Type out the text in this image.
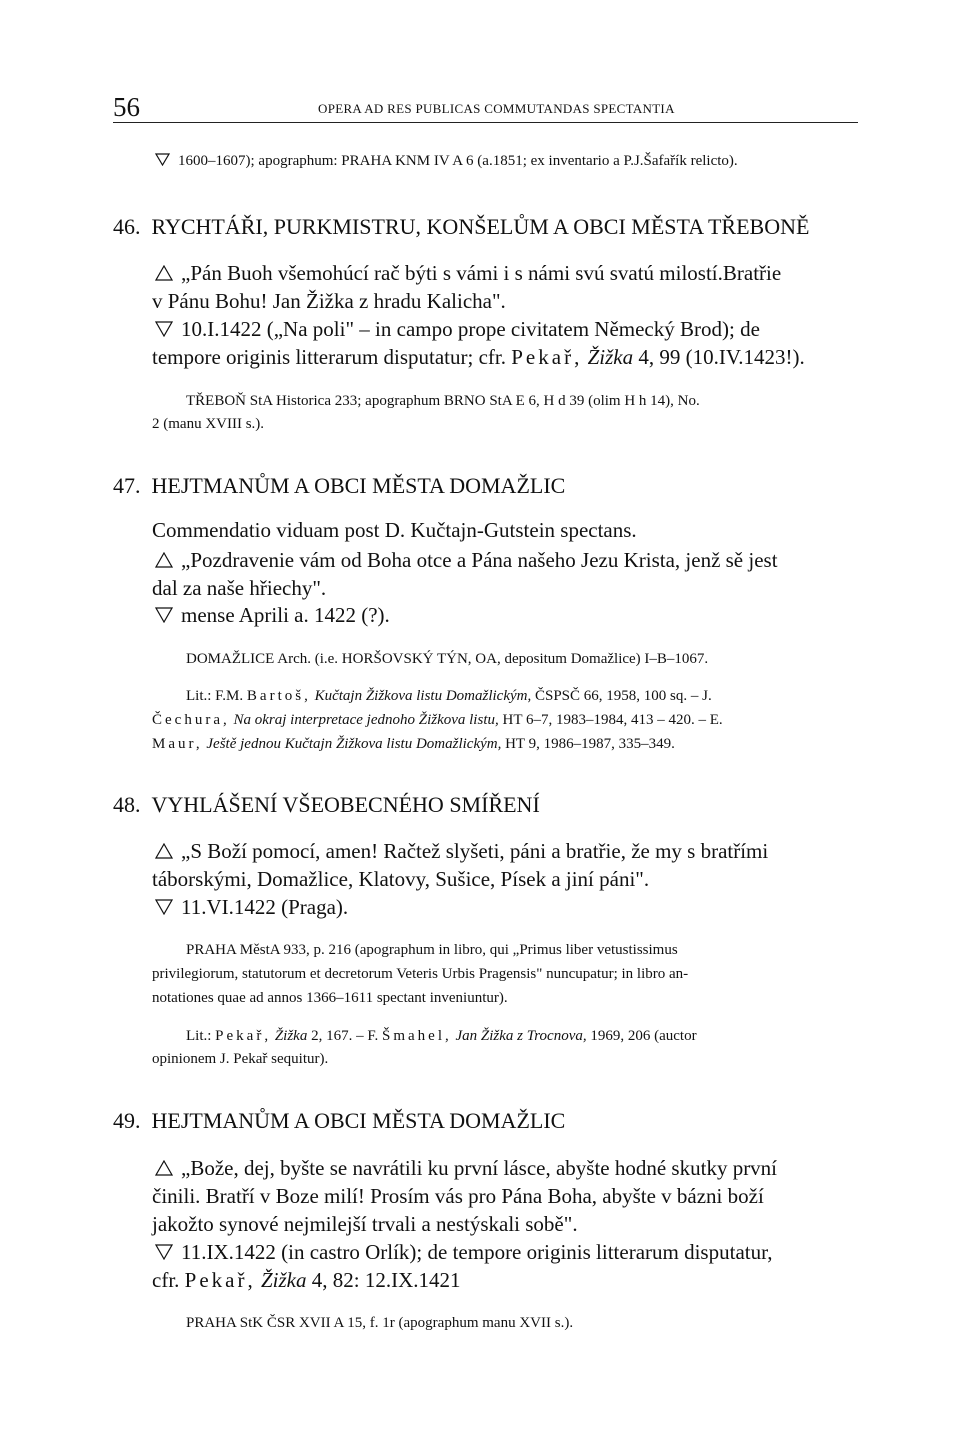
56	OPERA AD RES PUBLICAS COMMUTANDAS SPECTANTIA
1600–1607); apographum: PRAHA KNM IV A 6 (a.1851; ex inventario a P.J.Šafařík relicto).
46. RYCHTÁŘI, PURKMISTRU, KONŠELŮM A OBCI MĚSTA TŘEBONĚ
„Pán Buoh všemohúcí rač býti s vámi i s námi svú svatú milostí.Bratřie
v Pánu Bohu! Jan Žižka z hradu Kalicha".
10.I.1422 („Na poli" – in campo prope civitatem Německý Brod); de
tempore originis litterarum disputatur; cfr. Pekař, Žižka 4, 99 (10.IV.1423!).
TŘEBOŇ StA Historica 233; apographum BRNO StA E 6, H d 39 (olim H h 14), No.
2 (manu XVIII s.).
47. HEJTMANŮM A OBCI MĚSTA DOMAŽLIC
Commendatio viduam post D. Kučtajn-Gutstein spectans.
„Pozdravenie vám od Boha otce a Pána našeho Jezu Krista, jenž sě jest
dal za naše hřiechy".
mense Aprili a. 1422 (?).
DOMAŽLICE Arch. (i.e. HORŠOVSKÝ TÝN, OA, depositum Domažlice) I–B–1067.
Lit.: F.M. Bartoš, Kučtajn Žižkova listu Domažlickým, ČSPSČ 66, 1958, 100 sq. – J.
Čechura, Na okraj interpretace jednoho Žižkova listu, HT 6–7, 1983–1984, 413 – 420. – E.
Maur, Ještě jednou Kučtajn Žižkova listu Domažlickým, HT 9, 1986–1987, 335–349.
48. VYHLÁŠENÍ VŠEOBECNÉHO SMÍŘENÍ
„S Boží pomocí, amen! Račtež slyšeti, páni a bratřie, že my s bratřími
táborskými, Domažlice, Klatovy, Sušice, Písek a jiní páni".
11.VI.1422 (Praga).
PRAHA MěstA 933, p. 216 (apographum in libro, qui „Primus liber vetustissimus
privilegiorum, statutorum et decretorum Veteris Urbis Pragensis" nuncupatur; in libro an-
notationes quae ad annos 1366–1611 spectant inveniuntur).
Lit.: Pekař, Žižka 2, 167. – F. Šmahel, Jan Žižka z Trocnova, 1969, 206 (auctor
opinionem J. Pekař sequitur).
49. HEJTMANŮM A OBCI MĚSTA DOMAŽLIC
„Bože, dej, byšte se navrátili ku první lásce, abyšte hodné skutky první
činili. Bratří v Boze milí! Prosím vás pro Pána Boha, abyšte v bázni boží
jakožto synové nejmilejší trvali a nestýskali sobě".
11.IX.1422 (in castro Orlík); de tempore originis litterarum disputatur,
cfr. Pekař, Žižka 4, 82: 12.IX.1421
PRAHA StK ČSR XVII A 15, f. 1r (apographum manu XVII s.).
